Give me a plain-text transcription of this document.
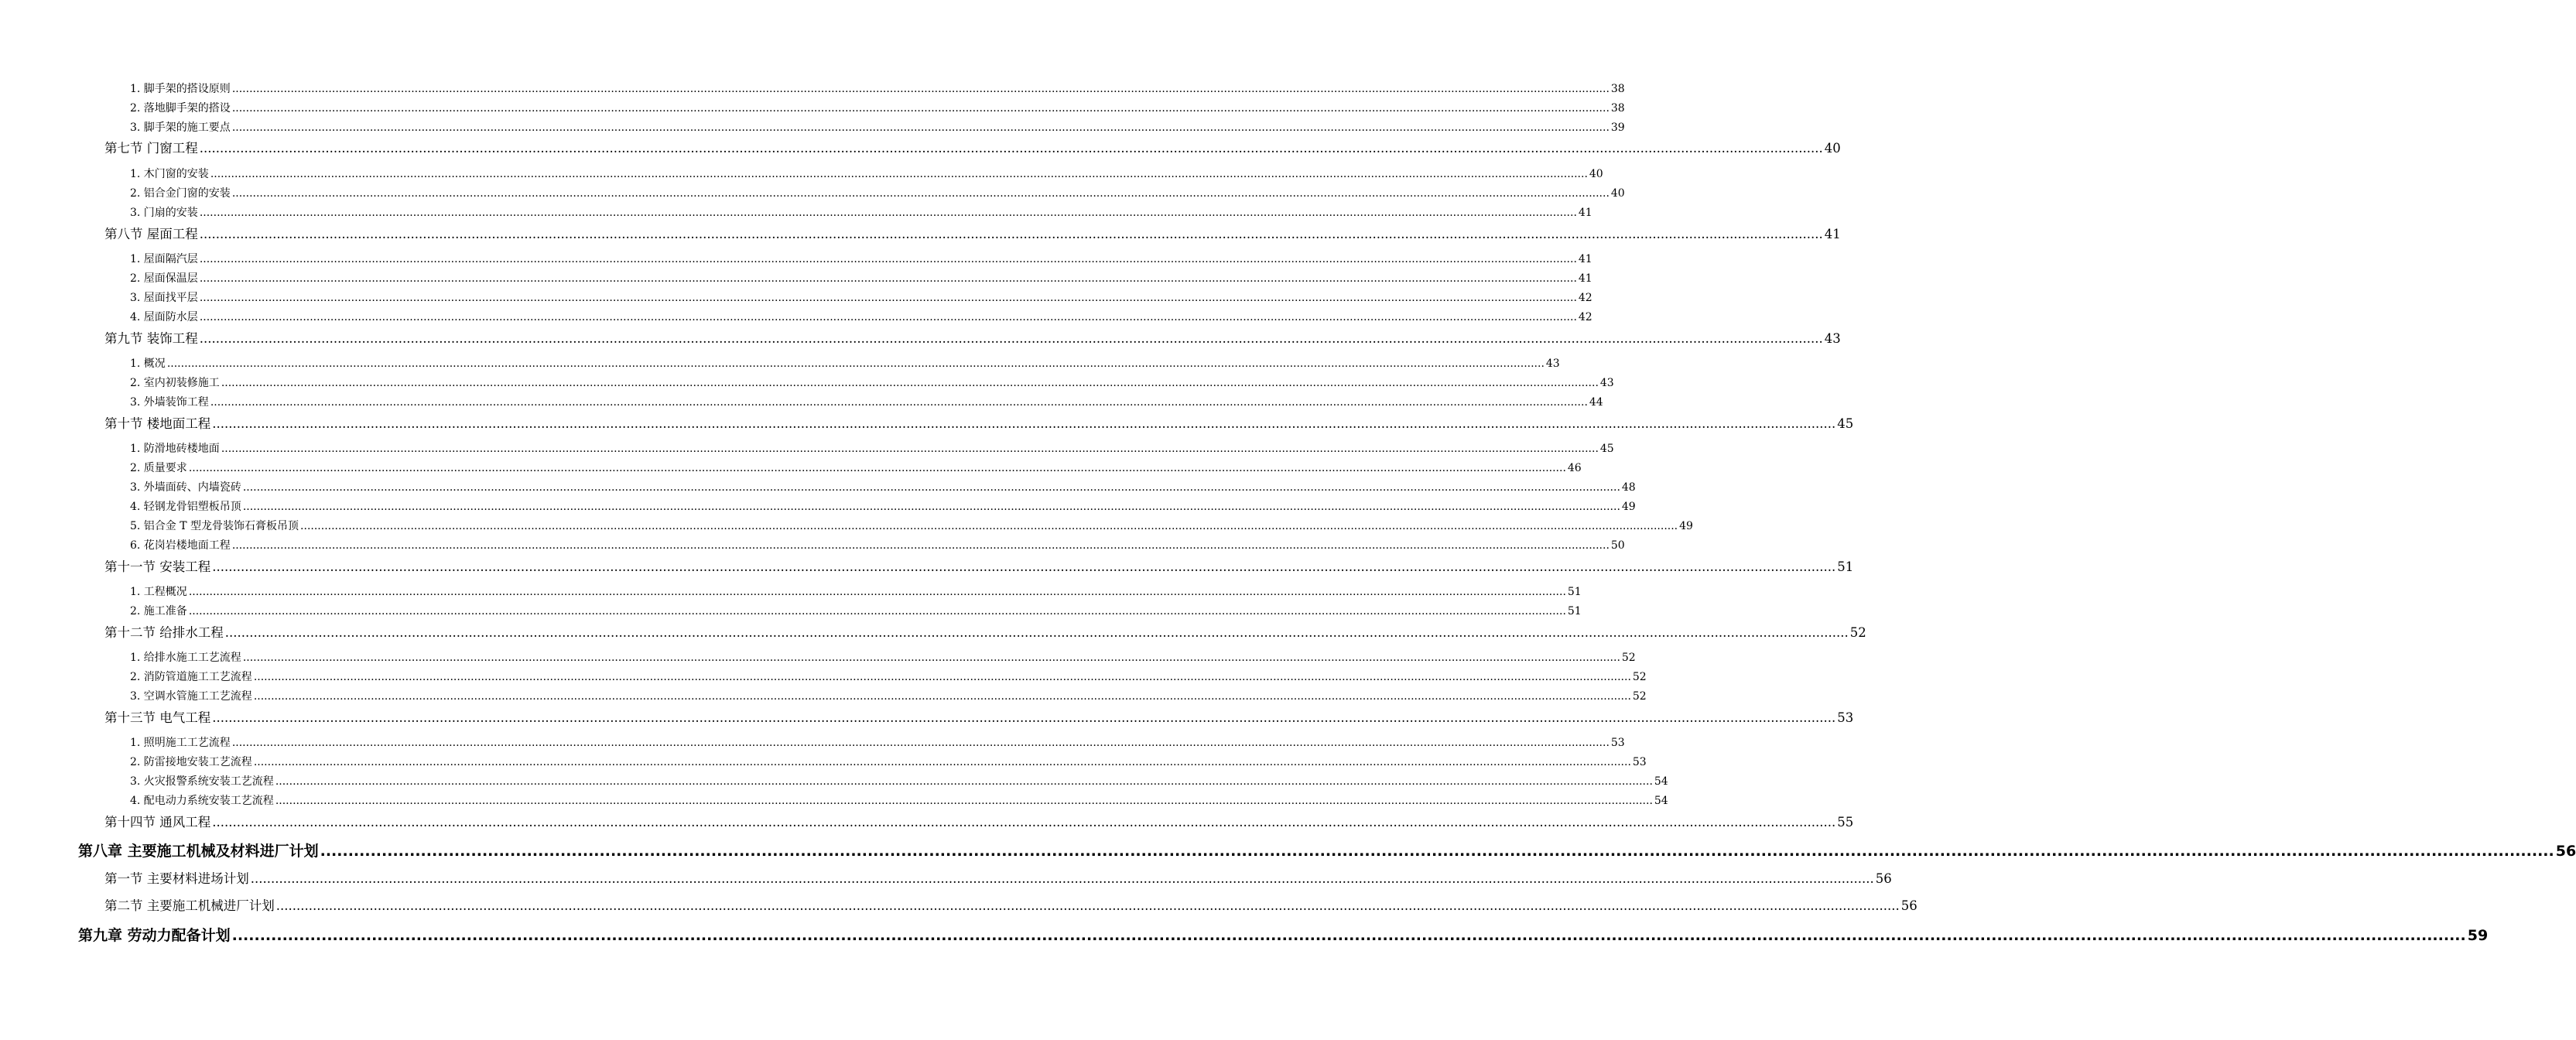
1. 脚手架的搭设原则 ................................................................................................................................................................................................................................................................................................................................................................................................................ 38
2. 落地脚手架的搭设 ................................................................................................................................................................................................................................................................................................................................................................................................................ 38
3. 脚手架的施工要点 ................................................................................................................................................................................................................................................................................................................................................................................................................ 39
第七节 门窗工程 ................................................................................................................................................................................................................................................................................................................................................................................................................ 40
1. 木门窗的安装 ................................................................................................................................................................................................................................................................................................................................................................................................................ 40
2. 铝合金门窗的安装 ................................................................................................................................................................................................................................................................................................................................................................................................................ 40
3. 门扇的安装 ................................................................................................................................................................................................................................................................................................................................................................................................................ 41
第八节 屋面工程 ................................................................................................................................................................................................................................................................................................................................................................................................................ 41
1. 屋面隔汽层 ................................................................................................................................................................................................................................................................................................................................................................................................................ 41
2. 屋面保温层 ................................................................................................................................................................................................................................................................................................................................................................................................................ 41
3. 屋面找平层 ................................................................................................................................................................................................................................................................................................................................................................................................................ 42
4. 屋面防水层 ................................................................................................................................................................................................................................................................................................................................................................................................................ 42
第九节 装饰工程 ................................................................................................................................................................................................................................................................................................................................................................................................................ 43
1. 概况 ................................................................................................................................................................................................................................................................................................................................................................................................................ 43
2. 室内初装修施工 ................................................................................................................................................................................................................................................................................................................................................................................................................ 43
3. 外墙装饰工程 ................................................................................................................................................................................................................................................................................................................................................................................................................ 44
第十节 楼地面工程 ................................................................................................................................................................................................................................................................................................................................................................................................................ 45
1. 防滑地砖楼地面 ................................................................................................................................................................................................................................................................................................................................................................................................................ 45
2. 质量要求 ................................................................................................................................................................................................................................................................................................................................................................................................................ 46
3. 外墙面砖、内墙瓷砖 ................................................................................................................................................................................................................................................................................................................................................................................................................ 48
4. 轻钢龙骨铝塑板吊顶 ................................................................................................................................................................................................................................................................................................................................................................................................................ 49
5. 铝合金 T 型龙骨装饰石膏板吊顶 ................................................................................................................................................................................................................................................................................................................................................................................................................ 49
6. 花岗岩楼地面工程 ................................................................................................................................................................................................................................................................................................................................................................................................................ 50
第十一节 安装工程 ................................................................................................................................................................................................................................................................................................................................................................................................................ 51
1. 工程概况 ................................................................................................................................................................................................................................................................................................................................................................................................................ 51
2. 施工准备 ................................................................................................................................................................................................................................................................................................................................................................................................................ 51
第十二节 给排水工程 ................................................................................................................................................................................................................................................................................................................................................................................................................ 52
1. 给排水施工工艺流程 ................................................................................................................................................................................................................................................................................................................................................................................................................ 52
2. 消防管道施工工艺流程 ................................................................................................................................................................................................................................................................................................................................................................................................................ 52
3. 空调水管施工工艺流程 ................................................................................................................................................................................................................................................................................................................................................................................................................ 52
第十三节 电气工程 ................................................................................................................................................................................................................................................................................................................................................................................................................ 53
1. 照明施工工艺流程 ................................................................................................................................................................................................................................................................................................................................................................................................................ 53
2. 防雷接地安装工艺流程 ................................................................................................................................................................................................................................................................................................................................................................................................................ 53
3. 火灾报警系统安装工艺流程 ................................................................................................................................................................................................................................................................................................................................................................................................................ 54
4. 配电动力系统安装工艺流程 ................................................................................................................................................................................................................................................................................................................................................................................................................ 54
第十四节 通风工程 ................................................................................................................................................................................................................................................................................................................................................................................................................ 55
第八章 主要施工机械及材料进厂计划 ................................................................................................................................................................................................................................................................................................................................................................................................................ 56
第一节 主要材料进场计划 ................................................................................................................................................................................................................................................................................................................................................................................................................ 56
第二节 主要施工机械进厂计划 ................................................................................................................................................................................................................................................................................................................................................................................................................ 56
第九章 劳动力配备计划 ................................................................................................................................................................................................................................................................................................................................................................................................................ 59
